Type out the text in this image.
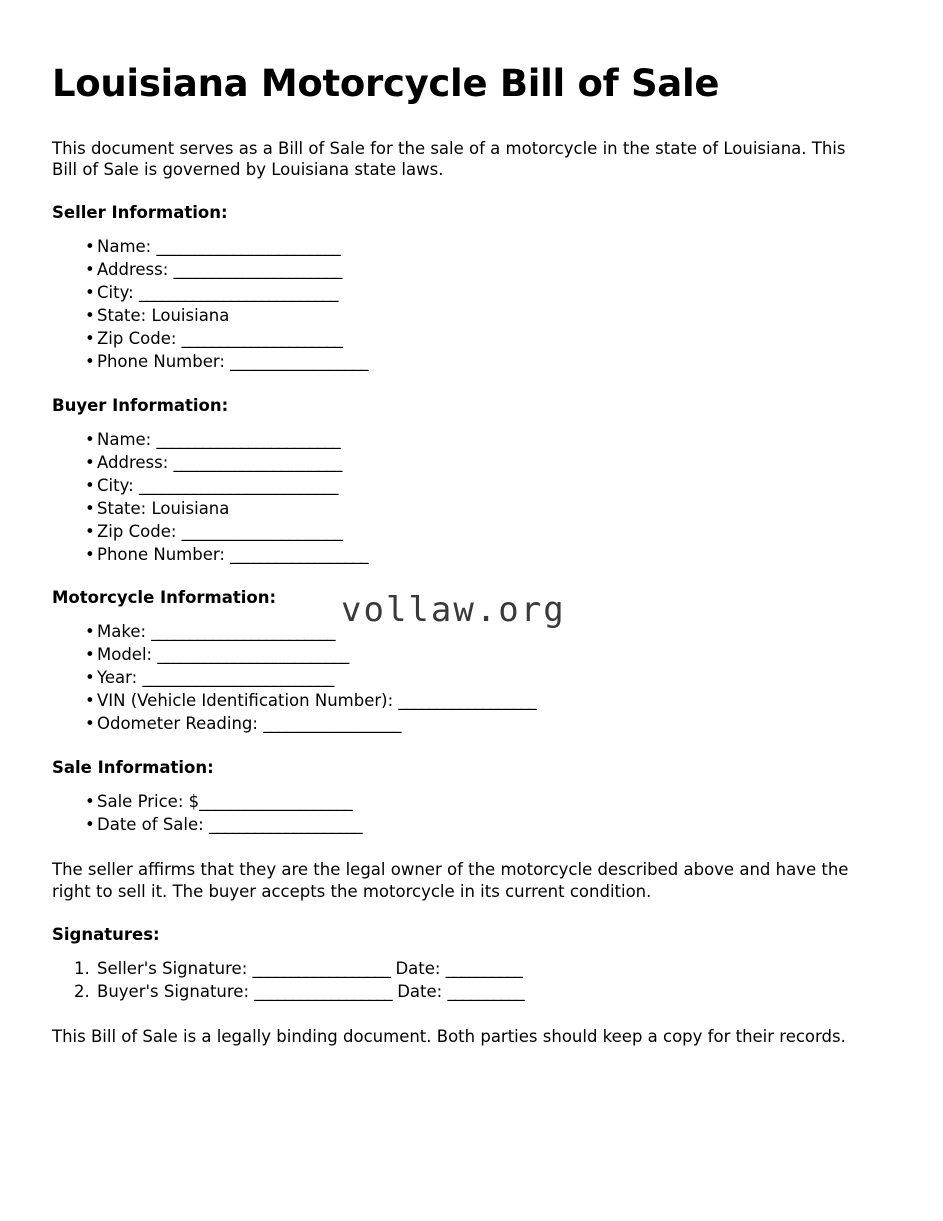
Louisiana Motorcycle Bill of Sale

This document serves as a Bill of Sale for the sale of a motorcycle in the state of Louisiana. This Bill of Sale is governed by Louisiana state laws.

Seller Information:
• Name: ________________________
• Address: ______________________
• City: __________________________
• State: Louisiana
• Zip Code: _____________________
• Phone Number: __________________
Buyer Information:
• Name: ________________________
• Address: ______________________
• City: __________________________
• State: Louisiana
• Zip Code: _____________________
• Phone Number: __________________
Motorcycle Information:
• Make: ________________________
• Model: _________________________
• Year: _________________________
• VIN (Vehicle Identification Number): __________________
• Odometer Reading: __________________
Sale Information:
• Sale Price: $____________________
• Date of Sale: ____________________

The seller affirms that they are the legal owner of the motorcycle described above and have the right to sell it. The buyer accepts the motorcycle in its current condition.

Signatures:
Seller's Signature: __________________ Date: __________
Buyer's Signature: __________________ Date: __________

This Bill of Sale is a legally binding document. Both parties should keep a copy for their records.

vollaw.org
